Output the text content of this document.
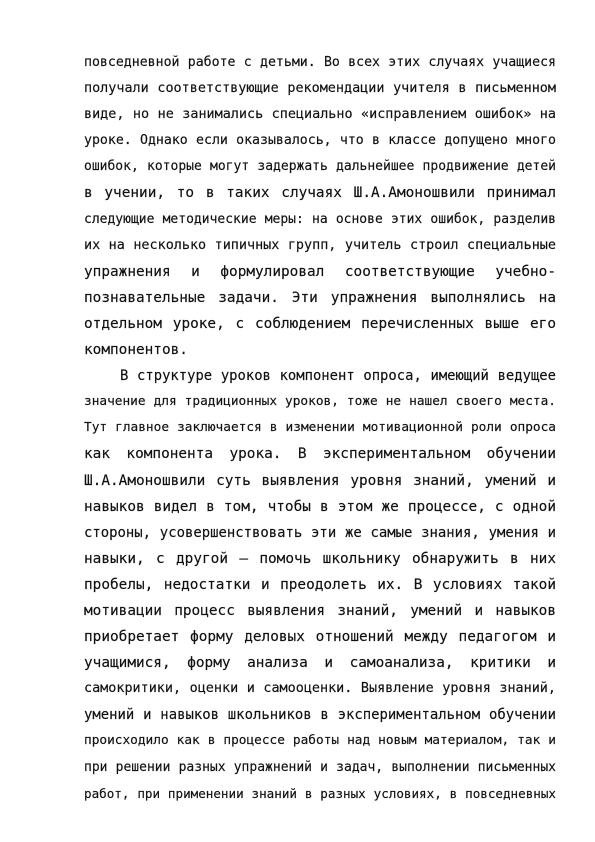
повседневной работе с детьми. Во всех этих случаях учащиеся
получали соответствующие рекомендации учителя в письменном
виде, но не занимались специально «исправлением ошибок» на
уроке. Однако если оказывалось, что в классе допущено много
ошибок, которые могут задержать дальнейшее продвижение детей
в учении, то в таких случаях Ш.А.Амоношвили принимал
следующие методические меры: на основе этих ошибок, разделив
их на несколько типичных групп, учитель строил специальные
упражнения и формулировал соответствующие учебно-
познавательные задачи. Эти упражнения выполнялись на
отдельном уроке, с соблюдением перечисленных выше его
компонентов.
В структуре уроков компонент опроса, имеющий ведущее
значение для традиционных уроков, тоже не нашел своего места.
Тут главное заключается в изменении мотивационной роли опроса
как компонента урока. В экспериментальном обучении
Ш.А.Амоношвили суть выявления уровня знаний, умений и
навыков видел в том, чтобы в этом же процессе, с одной
стороны, усовершенствовать эти же самые знания, умения и
навыки, с другой — помочь школьнику обнаружить в них
пробелы, недостатки и преодолеть их. В условиях такой
мотивации процесс выявления знаний, умений и навыков
приобретает форму деловых отношений между педагогом и
учащимися, форму анализа и самоанализа, критики и
самокритики, оценки и самооценки. Выявление уровня знаний,
умений и навыков школьников в экспериментальном обучении
происходило как в процессе работы над новым материалом, так и
при решении разных упражнений и задач, выполнении письменных
работ, при применении знаний в разных условиях, в повседневных
